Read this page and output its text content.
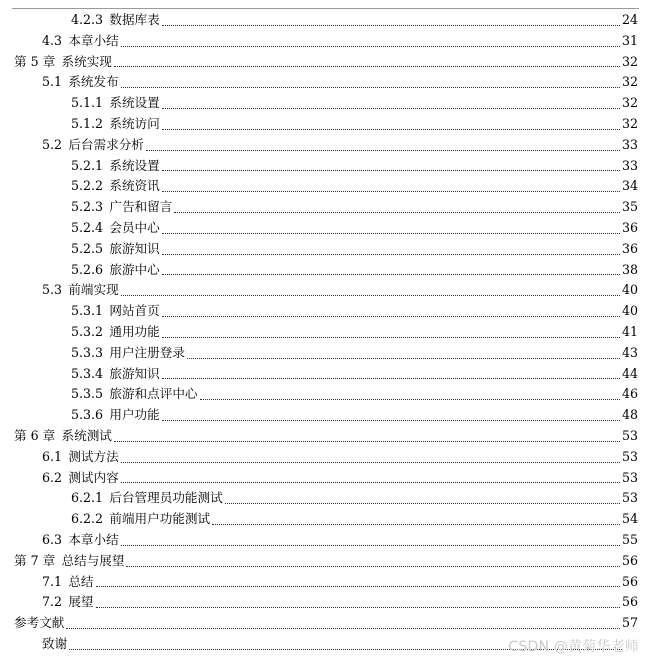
4.2.3  数据库表	24
4.3  本章小结	31
第 5 章  系统实现	32
5.1  系统发布	32
5.1.1  系统设置	32
5.1.2  系统访问	32
5.2  后台需求分析	33
5.2.1  系统设置	33
5.2.2  系统资讯	34
5.2.3  广告和留言	35
5.2.4  会员中心	36
5.2.5  旅游知识	36
5.2.6  旅游中心	38
5.3  前端实现	40
5.3.1  网站首页	40
5.3.2  通用功能	41
5.3.3  用户注册登录	43
5.3.4  旅游知识	44
5.3.5  旅游和点评中心	46
5.3.6  用户功能	48
第 6 章  系统测试	53
6.1  测试方法	53
6.2  测试内容	53
6.2.1  后台管理员功能测试	53
6.2.2  前端用户功能测试	54
6.3  本章小结	55
第 7 章  总结与展望	56
7.1  总结	56
7.2  展望	56
参考文献	57
致谢	CSDN @黄菊华老师
